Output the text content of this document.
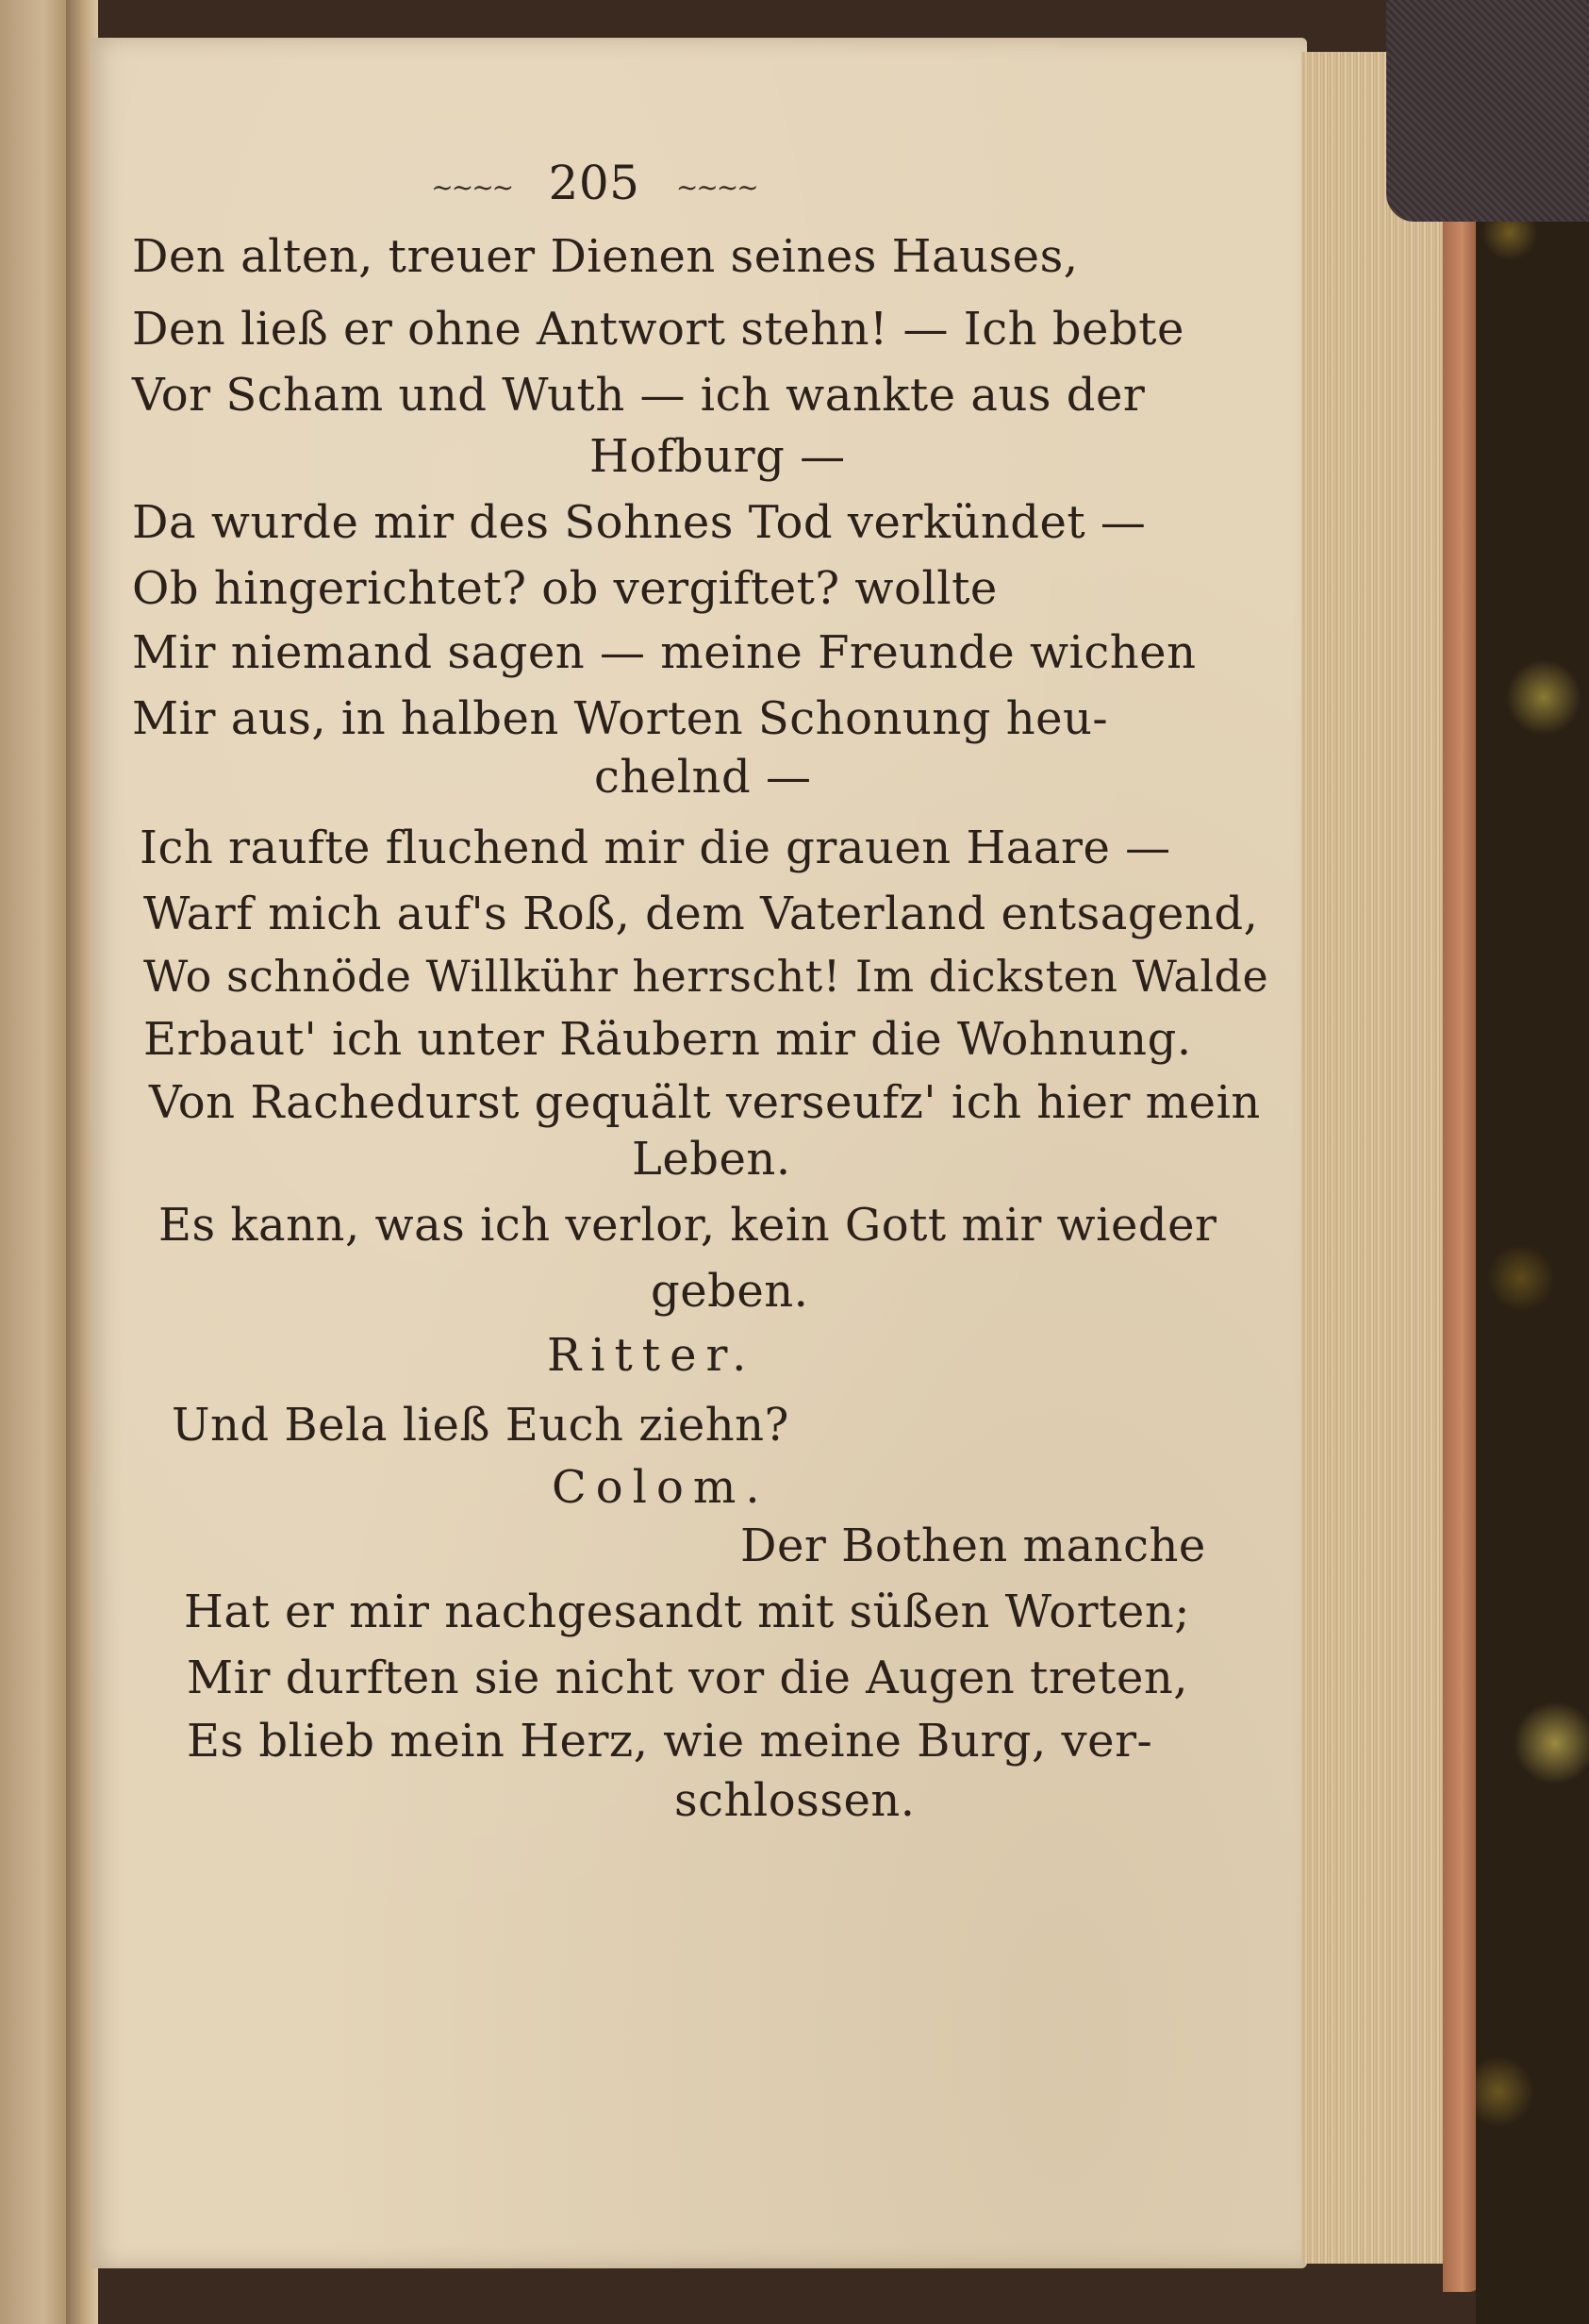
~~~~ 205 ~~~~
Den alten, treuer Dienen seines Hauses,
Den ließ er ohne Antwort stehn! — Ich bebte
Vor Scham und Wuth — ich wankte aus der
Hofburg —
Da wurde mir des Sohnes Tod verkündet —
Ob hingerichtet? ob vergiftet? wollte
Mir niemand sagen — meine Freunde wichen
Mir aus, in halben Worten Schonung heu-
chelnd —
Ich raufte fluchend mir die grauen Haare —
Warf mich auf's Roß, dem Vaterland entsagend,
Wo schnöde Willkühr herrscht! Im dicksten Walde
Erbaut' ich unter Räubern mir die Wohnung.
Von Rachedurst gequält verseufz' ich hier mein
Leben.
Es kann, was ich verlor, kein Gott mir wieder
geben.
Ritter.
Und Bela ließ Euch ziehn?
Colom.
Der Bothen manche
Hat er mir nachgesandt mit süßen Worten;
Mir durften sie nicht vor die Augen treten,
Es blieb mein Herz, wie meine Burg, ver-
schlossen.
